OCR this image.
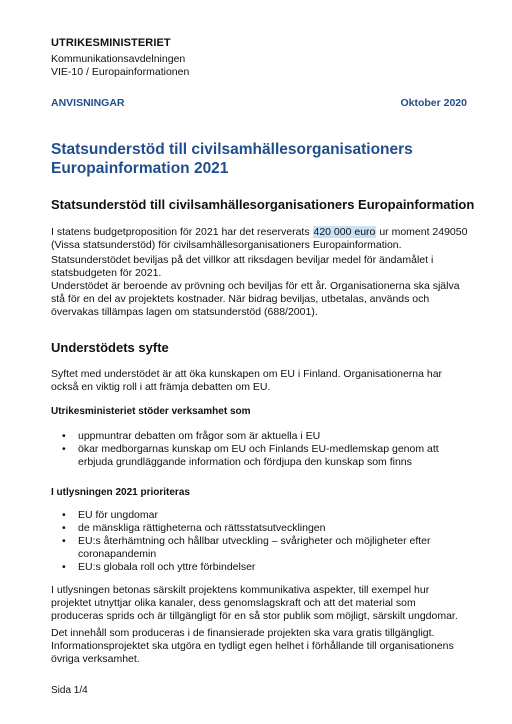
UTRIKESMINISTERIET
Kommunikationsavdelningen
VIE-10 / Europainformationen
ANVISNINGAR	Oktober 2020
Statsunderstöd till civilsamhällesorganisationers Europainformation 2021
Statsunderstöd till civilsamhällesorganisationers Europainformation
I statens budgetproposition för 2021 har det reserverats 420 000 euro ur moment 249050 (Vissa statsunderstöd) för civilsamhällesorganisationers Europainformation.
Statsunderstödet beviljas på det villkor att riksdagen beviljar medel för ändamålet i statsbudgeten för 2021.
Understödet är beroende av prövning och beviljas för ett år. Organisationerna ska själva stå för en del av projektets kostnader. När bidrag beviljas, utbetalas, används och övervakas tillämpas lagen om statsunderstöd (688/2001).
Understödets syfte
Syftet med understödet är att öka kunskapen om EU i Finland. Organisationerna har också en viktig roll i att främja debatten om EU.
Utrikesministeriet stöder verksamhet som
• uppmuntrar debatten om frågor som är aktuella i EU
• ökar medborgarnas kunskap om EU och Finlands EU-medlemskap genom att erbjuda grundläggande information och fördjupa den kunskap som finns
I utlysningen 2021 prioriteras
• EU för ungdomar
• de mänskliga rättigheterna och rättsstatsutvecklingen
• EU:s återhämtning och hållbar utveckling – svårigheter och möjligheter efter coronapandemin
• EU:s globala roll och yttre förbindelser
I utlysningen betonas särskilt projektens kommunikativa aspekter, till exempel hur projektet utnyttjar olika kanaler, dess genomslagskraft och att det material som produceras sprids och är tillgängligt för en så stor publik som möjligt, särskilt ungdomar.
Det innehåll som produceras i de finansierade projekten ska vara gratis tillgängligt. Informationsprojektet ska utgöra en tydligt egen helhet i förhållande till organisationens övriga verksamhet.
Sida 1/4
